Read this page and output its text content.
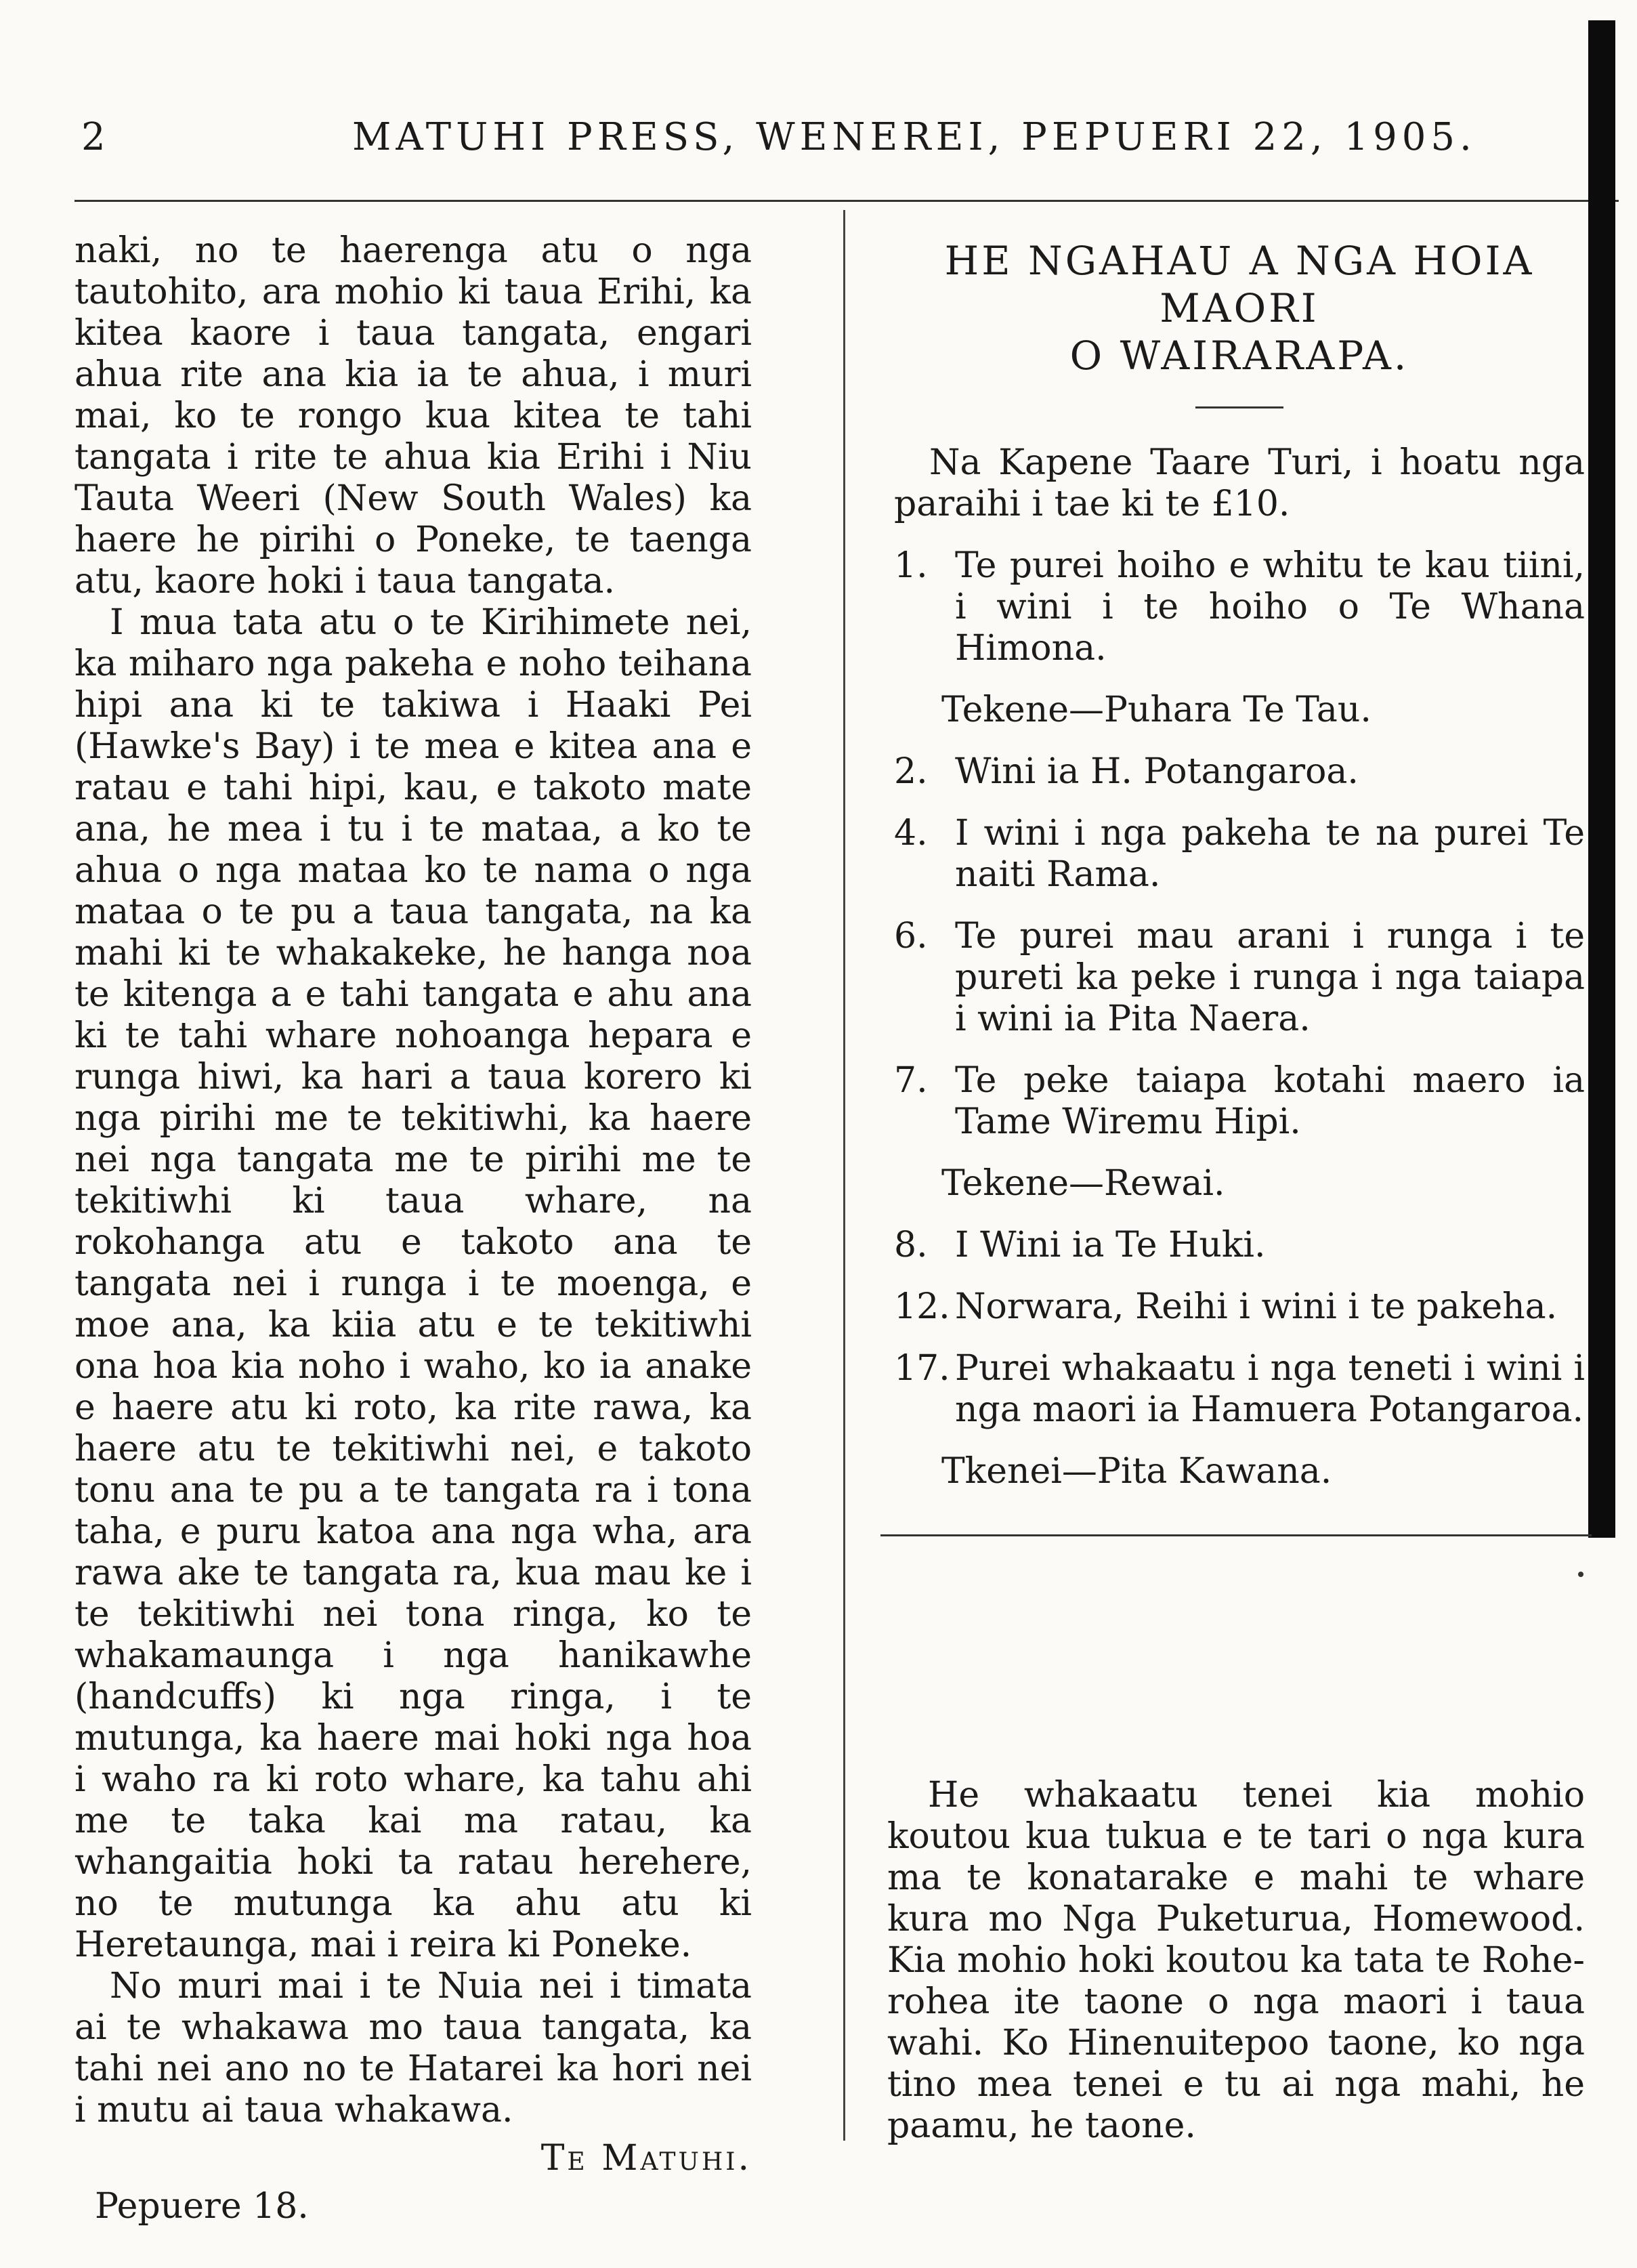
2	MATUHI PRESS, WENEREI, PEPUERI 22, 1905.

naki, no te haerenga atu o nga tautohito, ara mohio ki taua Erihi, ka kitea kaore i taua tangata, engari ahua rite ana kia ia te ahua, i muri mai, ko te rongo kua kitea te tahi tangata i rite te ahua kia Erihi i Niu Tauta Weeri (New South Wales) ka haere he pirihi o Poneke, te taenga atu, kaore hoki i taua tangata.

I mua tata atu o te Kirihimete nei, ka miharo nga pakeha e noho teihana hipi ana ki te takiwa i Haaki Pei (Hawke's Bay) i te mea e kitea ana e ratau e tahi hipi, kau, e takoto mate ana, he mea i tu i te mataa, a ko te ahua o nga mataa ko te nama o nga mataa o te pu a taua tangata, na ka mahi ki te whakakeke, he hanga noa te kitenga a e tahi tangata e ahu ana ki te tahi whare nohoanga hepara e runga hiwi, ka hari a taua korero ki nga pirihi me te tekitiwhi, ka haere nei nga tangata me te pirihi me te tekitiwhi ki taua whare, na rokohanga atu e takoto ana te tangata nei i runga i te moenga, e moe ana, ka kiia atu e te tekitiwhi ona hoa kia noho i waho, ko ia anake e haere atu ki roto, ka rite rawa, ka haere atu te tekitiwhi nei, e takoto tonu ana te pu a te tangata ra i tona taha, e puru katoa ana nga wha, ara rawa ake te tangata ra, kua mau ke i te tekitiwhi nei tona ringa, ko te whakamaunga i nga hanikawhe (handcuffs) ki nga ringa, i te mutunga, ka haere mai hoki nga hoa i waho ra ki roto whare, ka tahu ahi me te taka kai ma ratau, ka whangaitia hoki ta ratau herehere, no te mutunga ka ahu atu ki Heretaunga, mai i reira ki Poneke.

No muri mai i te Nuia nei i timata ai te whakawa mo taua tangata, ka tahi nei ano no te Hatarei ka hori nei i mutu ai taua whakawa.

Te Matuhi.

Pepuere 18.

HE NGAHAU A NGA HOIA MAORI
O WAIRARAPA.

Na Kapene Taare Turi, i hoatu nga paraihi i tae ki te £10.

1. Te purei hoiho e whitu te kau tiini, i wini i te hoiho o Te Whana Himona.
Tekene—Puhara Te Tau.
2. Wini ia H. Potangaroa.
4. I wini i nga pakeha te na purei Te naiti Rama.
6. Te purei mau arani i runga i te pureti ka peke i runga i nga taiapa i wini ia Pita Naera.
7. Te peke taiapa kotahi maero ia Tame Wiremu Hipi.
Tekene—Rewai.
8. I Wini ia Te Huki.
12. Norwara, Reihi i wini i te pakeha.
17. Purei whakaatu i nga teneti i wini i nga maori ia Hamuera Potangaroa.
Tkenei—Pita Kawana.

He whakaatu tenei kia mohio koutou kua tukua e te tari o nga kura ma te konatarake e mahi te whare kura mo Nga Puketurua, Homewood. Kia mohio hoki koutou ka tata te Rohe-rohea ite taone o nga maori i taua wahi. Ko Hinenuitepoo taone, ko nga tino mea tenei e tu ai nga mahi, he paamu, he taone.
